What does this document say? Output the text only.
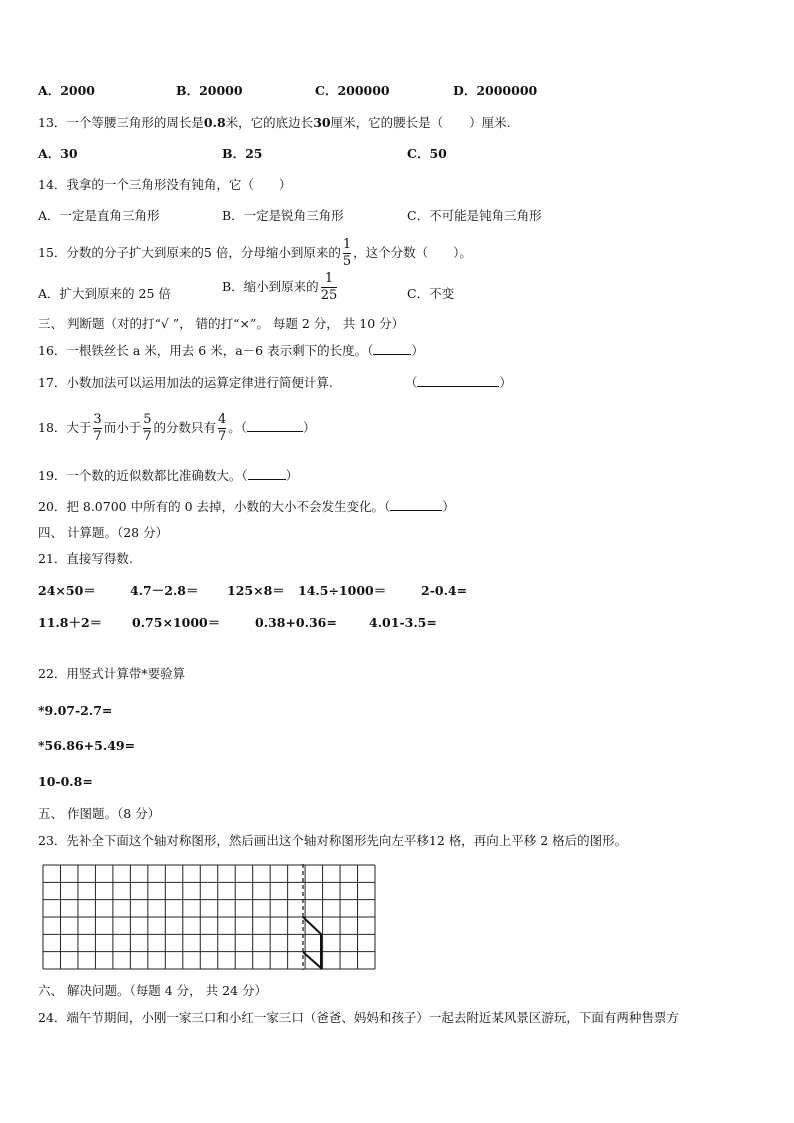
A．2000	B．20000	C．200000	D．2000000
13．一个等腰三角形的周长是0.8米，它的底边长30厘米，它的腰长是（ ）厘米.
A．30	B．25	C．50
14．我拿的一个三角形没有钝角，它（　　）
A．一定是直角三角形	B．一定是锐角三角形	C．不可能是钝角三角形
15．分数的分子扩大到原来的5 倍，分母缩小到原来的 $\frac{1}{5}$ ，这个分数（　　）。
A．扩大到原来的 25 倍	B．缩小到原来的 $\frac{1}{25}$	C．不变
三、 判断题（对的打“√ ”， 错的打“×”。 每题 2 分， 共 10 分）
16．一根铁丝长 a 米，用去 6 米，a－6 表示剩下的长度。（	）
17．小数加法可以运用加法的运算定律进行简便计算.	（	）
18．大于 $\frac{3}{7}$ 而小于 $\frac{5}{7}$ 的分数只有 $\frac{4}{7}$ 。（	）
19．一个数的近似数都比准确数大。（	）
20．把 8.0700 中所有的 0 去掉，小数的大小不会发生变化。（	）
四、 计算题。（28 分）
21．直接写得数.
24×50＝	4.7－2.8＝ 125×8＝ 14.5÷1000＝	2-0.4=
11.8＋2＝ 0.75×1000＝	0.38+0.36=	4.01-3.5=
22．用竖式计算带*要验算
*9.07-2.7=
*56.86+5.49=
10-0.8=
五、 作图题。（8 分）
23．先补全下面这个轴对称图形，然后画出这个轴对称图形先向左平移12 格，再向上平移 2 格后的图形。
六、 解决问题。（每题 4 分， 共 24 分）
24．端午节期间，小刚一家三口和小红一家三口（爸爸、妈妈和孩子）一起去附近某风景区游玩，下面有两种售票方
